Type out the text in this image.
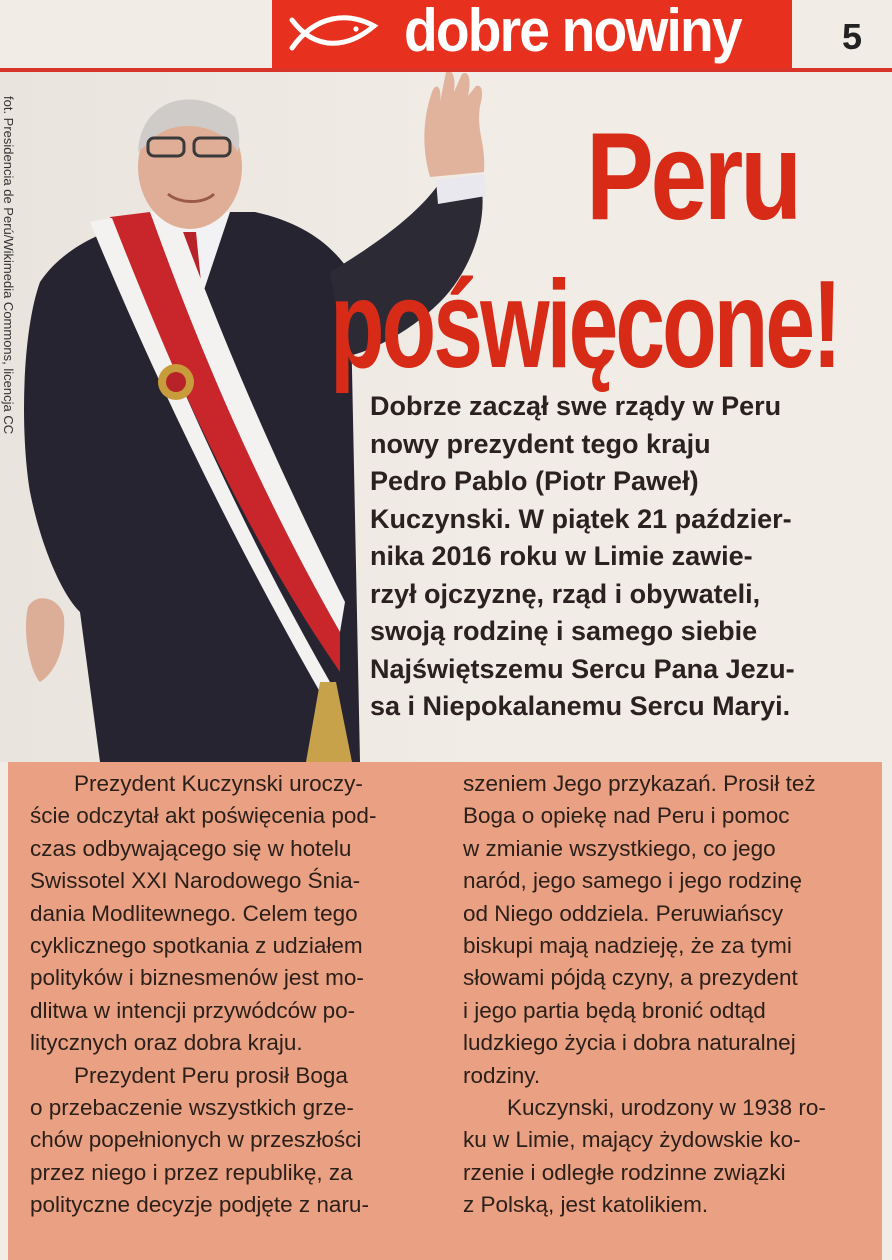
dobre nowiny	5
fot. Presidencia de Perú/Wikimedia Commons, licencja CC	Peru
poświęcone!
Dobrze zaczął swe rządy w Peru
nowy prezydent tego kraju
Pedro Pablo (Piotr Paweł)
Kuczynski. W piątek 21 paździer-
nika 2016 roku w Limie zawie-
rzył ojczyznę, rząd i obywateli,
swoją rodzinę i samego siebie
Najświętszemu Sercu Pana Jezu-
sa i Niepokalanemu Sercu Maryi.
Prezydent Kuczynski uroczy-
ście odczytał akt poświęcenia pod-
czas odbywającego się w hotelu
Swissotel XXI Narodowego Śnia-
dania Modlitewnego. Celem tego
cyklicznego spotkania z udziałem
polityków i biznesmenów jest mo-
dlitwa w intencji przywódców po-
litycznych oraz dobra kraju.
Prezydent Peru prosił Boga
o przebaczenie wszystkich grze-
chów popełnionych w przeszłości
przez niego i przez republikę, za
polityczne decyzje podjęte z naru-
szeniem Jego przykazań. Prosił też
Boga o opiekę nad Peru i pomoc
w zmianie wszystkiego, co jego
naród, jego samego i jego rodzinę
od Niego oddziela. Peruwiańscy
biskupi mają nadzieję, że za tymi
słowami pójdą czyny, a prezydent
i jego partia będą bronić odtąd
ludzkiego życia i dobra naturalnej
rodziny.
Kuczynski, urodzony w 1938 ro-
ku w Limie, mający żydowskie ko-
rzenie i odległe rodzinne związki
z Polską, jest katolikiem.
